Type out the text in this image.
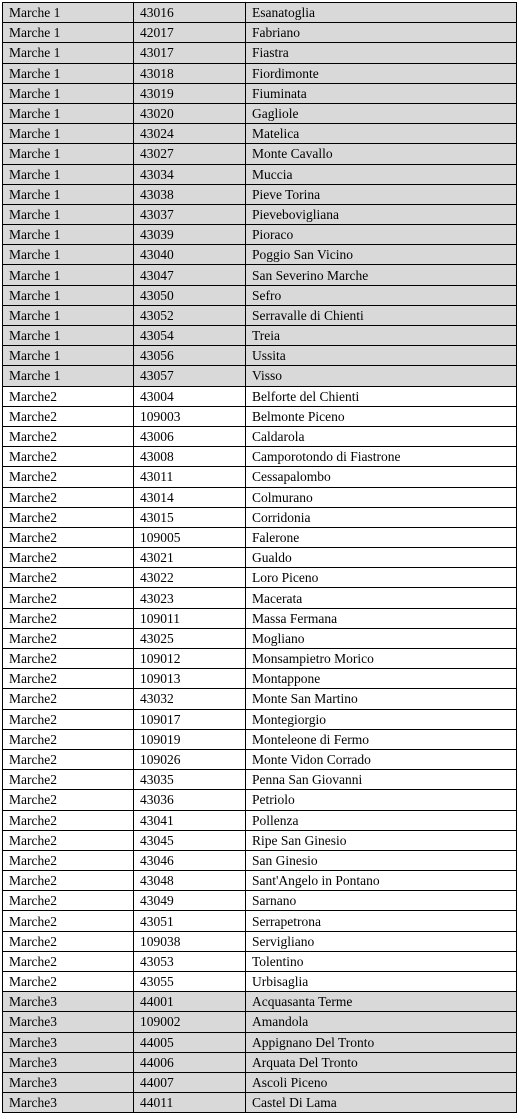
Marche 1	43016	Esanatoglia
Marche 1	42017	Fabriano
Marche 1	43017	Fiastra
Marche 1	43018	Fiordimonte
Marche 1	43019	Fiuminata
Marche 1	43020	Gagliole
Marche 1	43024	Matelica
Marche 1	43027	Monte Cavallo
Marche 1	43034	Muccia
Marche 1	43038	Pieve Torina
Marche 1	43037	Pievebovigliana
Marche 1	43039	Pioraco
Marche 1	43040	Poggio San Vicino
Marche 1	43047	San Severino Marche
Marche 1	43050	Sefro
Marche 1	43052	Serravalle di Chienti
Marche 1	43054	Treia
Marche 1	43056	Ussita
Marche 1	43057	Visso
Marche2	43004	Belforte del Chienti
Marche2	109003	Belmonte Piceno
Marche2	43006	Caldarola
Marche2	43008	Camporotondo di Fiastrone
Marche2	43011	Cessapalombo
Marche2	43014	Colmurano
Marche2	43015	Corridonia
Marche2	109005	Falerone
Marche2	43021	Gualdo
Marche2	43022	Loro Piceno
Marche2	43023	Macerata
Marche2	109011	Massa Fermana
Marche2	43025	Mogliano
Marche2	109012	Monsampietro Morico
Marche2	109013	Montappone
Marche2	43032	Monte San Martino
Marche2	109017	Montegiorgio
Marche2	109019	Monteleone di Fermo
Marche2	109026	Monte Vidon Corrado
Marche2	43035	Penna San Giovanni
Marche2	43036	Petriolo
Marche2	43041	Pollenza
Marche2	43045	Ripe San Ginesio
Marche2	43046	San Ginesio
Marche2	43048	Sant'Angelo in Pontano
Marche2	43049	Sarnano
Marche2	43051	Serrapetrona
Marche2	109038	Servigliano
Marche2	43053	Tolentino
Marche2	43055	Urbisaglia
Marche3	44001	Acquasanta Terme
Marche3	109002	Amandola
Marche3	44005	Appignano Del Tronto
Marche3	44006	Arquata Del Tronto
Marche3	44007	Ascoli Piceno
Marche3	44011	Castel Di Lama
